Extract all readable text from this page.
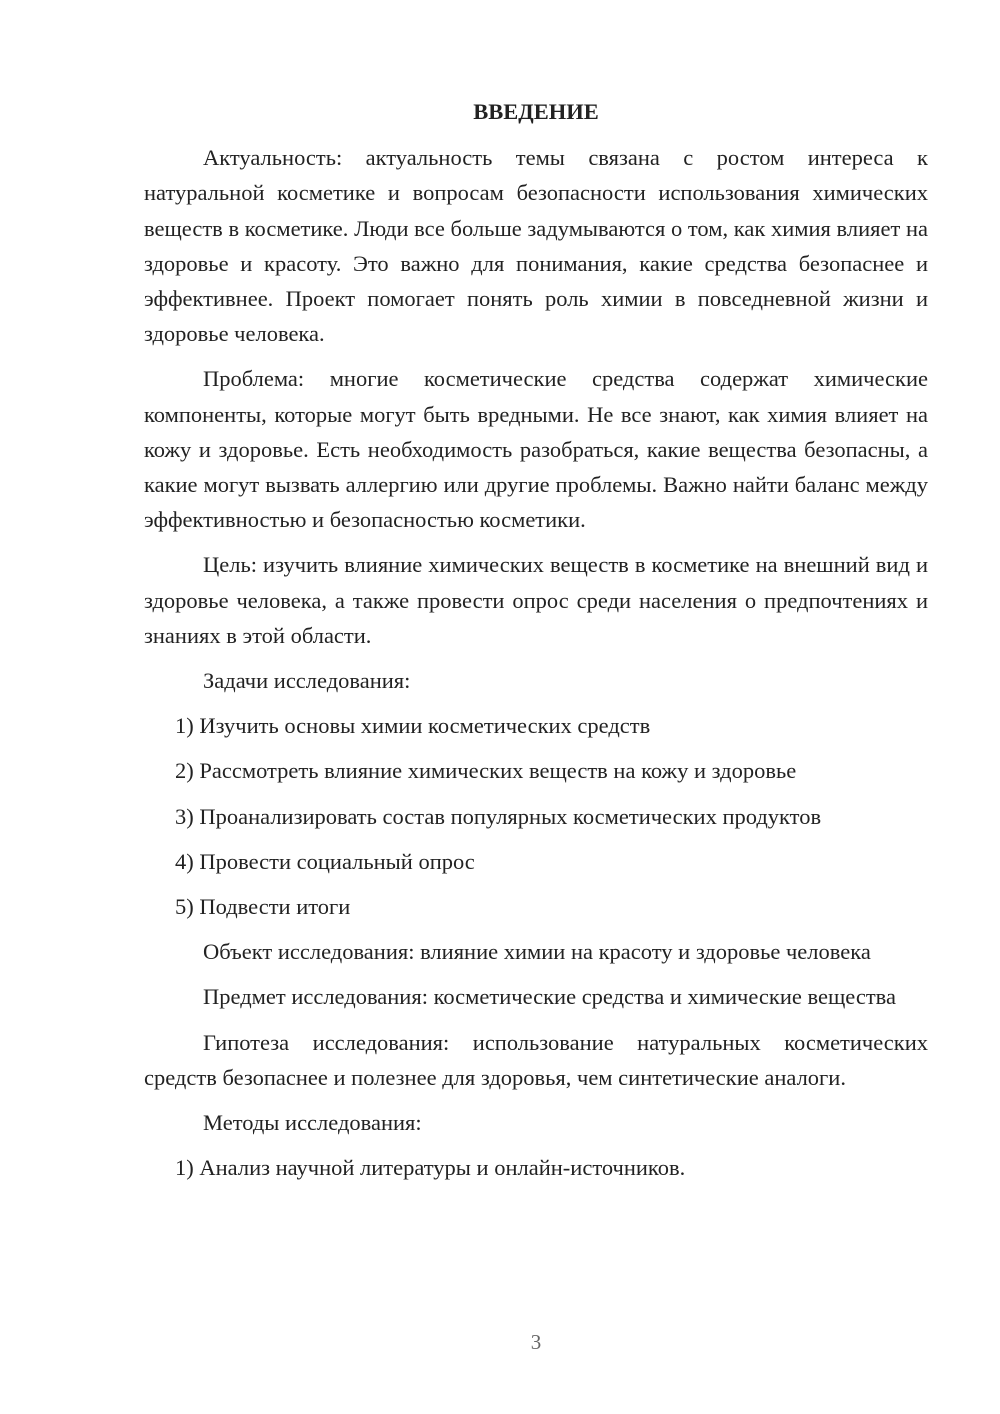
ВВЕДЕНИЕ

Актуальность: актуальность темы связана с ростом интереса к натуральной косметике и вопросам безопасности использования химических веществ в косметике. Люди все больше задумываются о том, как химия влияет на здоровье и красоту. Это важно для понимания, какие средства безопаснее и эффективнее. Проект помогает понять роль химии в повседневной жизни и здоровье человека.

Проблема: многие косметические средства содержат химические компоненты, которые могут быть вредными. Не все знают, как химия влияет на кожу и здоровье. Есть необходимость разобраться, какие вещества безопасны, а какие могут вызвать аллергию или другие проблемы. Важно найти баланс между эффективностью и безопасностью косметики.

Цель: изучить влияние химических веществ в косметике на внешний вид и здоровье человека, а также провести опрос среди населения о предпочтениях и знаниях в этой области.

Задачи исследования:

1) Изучить основы химии косметических средств
2) Рассмотреть влияние химических веществ на кожу и здоровье
3) Проанализировать состав популярных косметических продуктов
4) Провести социальный опрос
5) Подвести итоги

Объект исследования: влияние химии на красоту и здоровье человека

Предмет исследования: косметические средства и химические вещества

Гипотеза исследования: использование натуральных косметических средств безопаснее и полезнее для здоровья, чем синтетические аналоги.

Методы исследования:

1) Анализ научной литературы и онлайн-источников.
3
